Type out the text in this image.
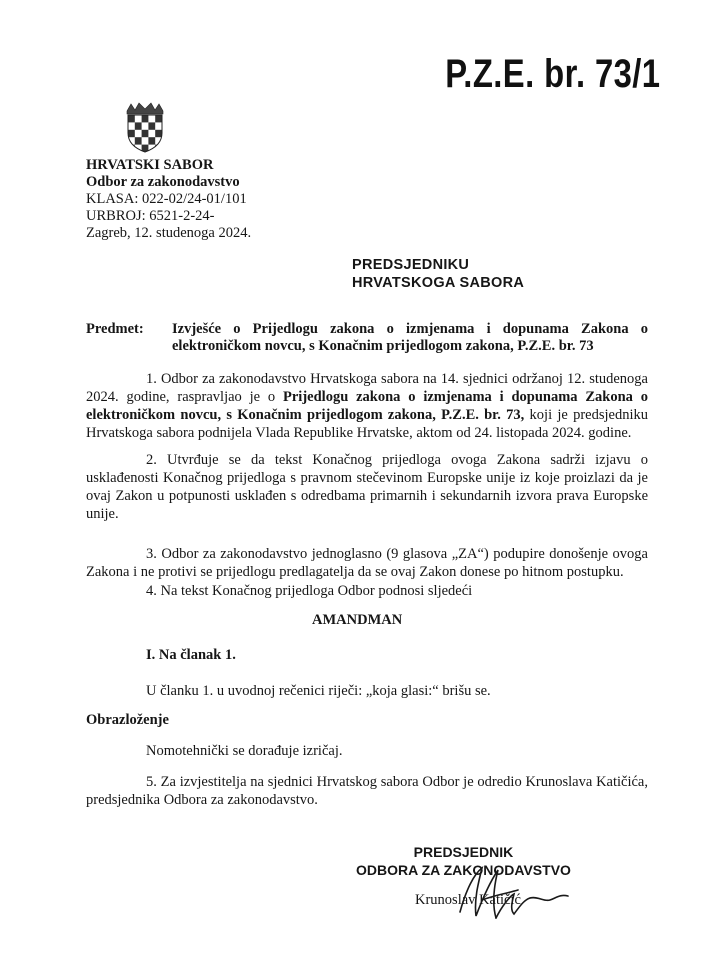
P.Z.E. br. 73/1
HRVATSKI SABOR
Odbor za zakonodavstvo
KLASA: 022-02/24-01/101
URBROJ: 6521-2-24-
Zagreb, 12. studenoga 2024.
PREDSJEDNIKU
HRVATSKOGA SABORA
Predmet: Izvješće o Prijedlogu zakona o izmjenama i dopunama Zakona o elektroničkom novcu, s Konačnim prijedlogom zakona, P.Z.E. br. 73
1. Odbor za zakonodavstvo Hrvatskoga sabora na 14. sjednici održanoj 12. studenoga 2024. godine, raspravljao je o Prijedlogu zakona o izmjenama i dopunama Zakona o elektroničkom novcu, s Konačnim prijedlogom zakona, P.Z.E. br. 73, koji je predsjedniku Hrvatskoga sabora podnijela Vlada Republike Hrvatske, aktom od 24. listopada 2024. godine.
2. Utvrđuje se da tekst Konačnog prijedloga ovoga Zakona sadrži izjavu o usklađenosti Konačnog prijedloga s pravnom stečevinom Europske unije iz koje proizlazi da je ovaj Zakon u potpunosti usklađen s odredbama primarnih i sekundarnih izvora prava Europske unije.
3. Odbor za zakonodavstvo jednoglasno (9 glasova „ZA“) podupire donošenje ovoga Zakona i ne protivi se prijedlogu predlagatelja da se ovaj Zakon donese po hitnom postupku.
4. Na tekst Konačnog prijedloga Odbor podnosi sljedeći
AMANDMAN
I. Na članak 1.
U članku 1. u uvodnoj rečenici riječi: „koja glasi:“ brišu se.
Obrazloženje
Nomotehnički se dorađuje izričaj.
5. Za izvjestitelja na sjednici Hrvatskog sabora Odbor je odredio Krunoslava Katičića, predsjednika Odbora za zakonodavstvo.
PREDSJEDNIK
ODBORA ZA ZAKONODAVSTVO
Krunoslav Katičić
